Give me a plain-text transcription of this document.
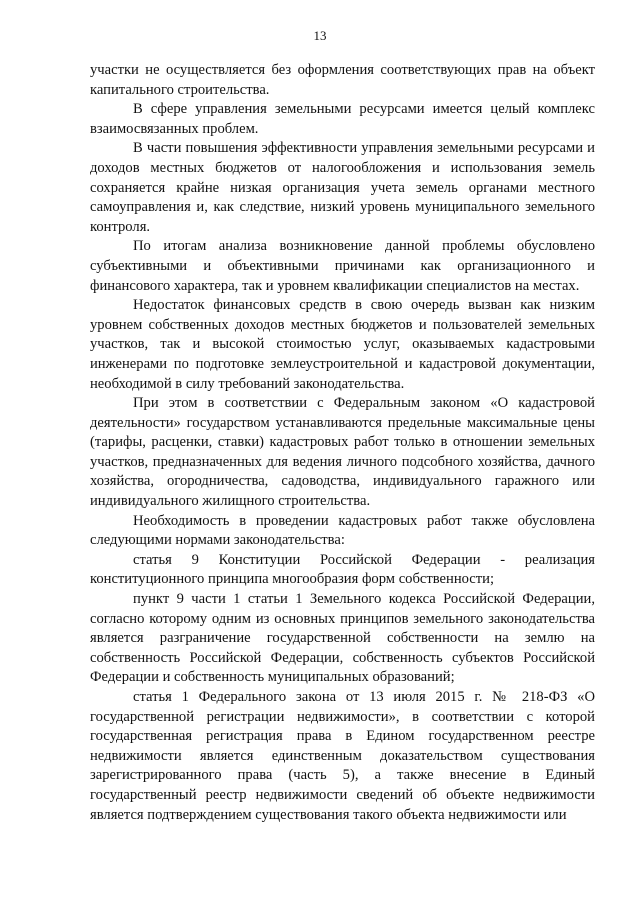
13

участки не осуществляется без оформления соответствующих прав на объект капитального строительства.

В сфере управления земельными ресурсами имеется целый комплекс взаимосвязанных проблем.

В части повышения эффективности управления земельными ресурсами и доходов местных бюджетов от налогообложения и использования земель сохраняется крайне низкая организация учета земель органами местного самоуправления и, как следствие, низкий уровень муниципального земельного контроля.

По итогам анализа возникновение данной проблемы обусловлено субъективными и объективными причинами как организационного и финансового характера, так и уровнем квалификации специалистов на местах.

Недостаток финансовых средств в свою очередь вызван как низким уровнем собственных доходов местных бюджетов и пользователей земельных участков, так и высокой стоимостью услуг, оказываемых кадастровыми инженерами по подготовке землеустроительной и кадастровой документации, необходимой в силу требований законодательства.

При этом в соответствии с Федеральным законом «О кадастровой деятельности» государством устанавливаются предельные максимальные цены (тарифы, расценки, ставки) кадастровых работ только в отношении земельных участков, предназначенных для ведения личного подсобного хозяйства, дачного хозяйства, огородничества, садоводства, индивидуального гаражного или индивидуального жилищного строительства.

Необходимость в проведении кадастровых работ также обусловлена следующими нормами законодательства:

статья 9 Конституции Российской Федерации - реализация конституционного принципа многообразия форм собственности;

пункт 9 части 1 статьи 1 Земельного кодекса Российской Федерации, согласно которому одним из основных принципов земельного законодательства является разграничение государственной собственности на землю на собственность Российской Федерации, собственность субъектов Российской Федерации и собственность муниципальных образований;

статья 1 Федерального закона от 13 июля 2015 г. № 218-ФЗ «О государственной регистрации недвижимости», в соответствии с которой государственная регистрация права в Едином государственном реестре недвижимости является единственным доказательством существования зарегистрированного права (часть 5), а также внесение в Единый государственный реестр недвижимости сведений об объекте недвижимости является подтверждением существования такого объекта недвижимости или
